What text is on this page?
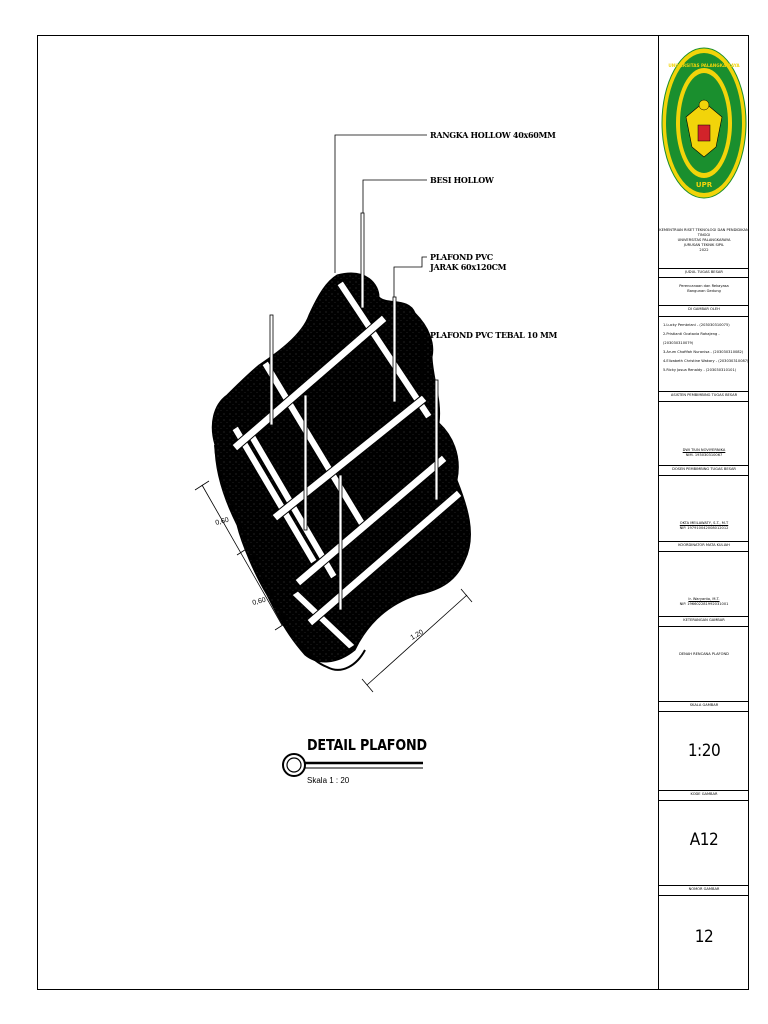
RANGKA HOLLOW 40x60MM
BESI HOLLOW
PLAFOND PVC
JARAK 60x120CM
PLAFOND PVC TEBAL 10 MM
0,60
0,60
1,20
DETAIL PLAFOND
Skala 1 : 20
UPR
UNIVERSITAS PALANGKA RAYA
KEMENTRIAN RISET TEKNOLOGI DAN PENDIDIKAN TINGGI
UNIVERSITAS PALANGKARAYA
JURUSAN TEKNIK SIPIL
2022
JUDUL TUGAS BESAR
Perencanaan dan Rekayasa
Bangunan Gedung
DI GAMBAR OLEH
1.Lucky Pembriani - (203030310075)
2.Pristianti Ocatavia Rahajeng - (203030310079)
3.Arum Chofifah Nuranisa - (203030310082)
4.Elizabeth Christine Wakary - (203030310087)
5.Ricky Josua Renaldy - (203030310101)
ASISTEN PEMBIMBING TUGAS BESAR
DWI TIUN NOVIYERNIKA
NIM. 193030310067
DOSEN PEMBIMBING TUGAS BESAR
OKTA MEILAWATY, S.T., M.T
NIP. 197910042008012012
KOORDINATOR MATA KULIAH
Ir. Waryanto, M.T.
NIP. 196602281992031001
KETERANGAN GAMBAR
DENAH RENCANA PLAFOND
SKALA GAMBAR
1:20
KODE GAMBAR
A12
NOMOR GAMBAR
12
